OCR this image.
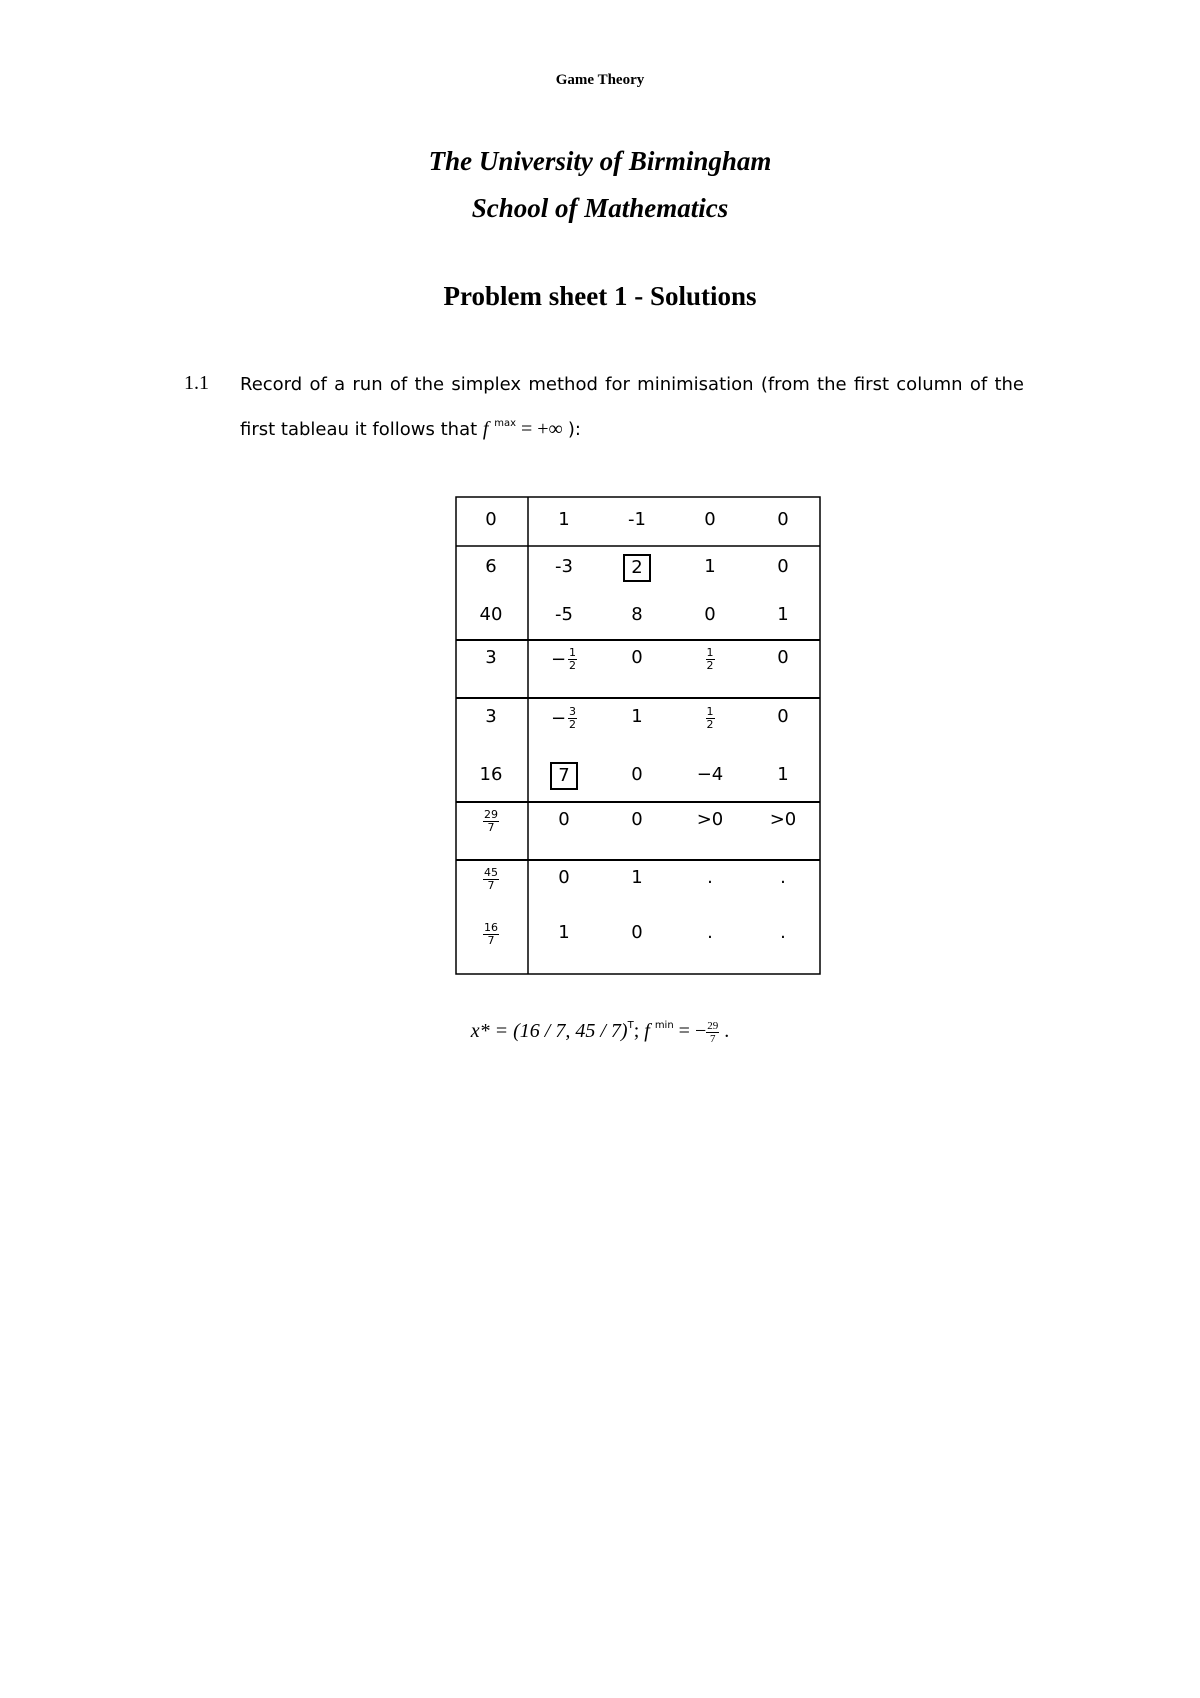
Game Theory
The University of Birmingham
School of Mathematics
Problem sheet 1 - Solutions
1.1 Record of a run of the simplex method for minimisation (from the first column of the
first tableau it follows that f $^{max}$ = +∞ ):
0	1	-1	0	0
6	-3	2	1	0
40	-5	8	0	1
3	− $\frac{1}{2}$	0	$\frac{1}{2}$	0
3	− $\frac{3}{2}$	1	$\frac{1}{2}$	0
16	7	0	−4	1
$\frac{29}{7}$	0	0	>0	>0
$\frac{45}{7}$	0	1	.	.
$\frac{16}{7}$	1	0	.	.
x* = (16 / 7, 45 / 7)$^T$; f $^{min}$ = − $\frac{29}{7}$ .
